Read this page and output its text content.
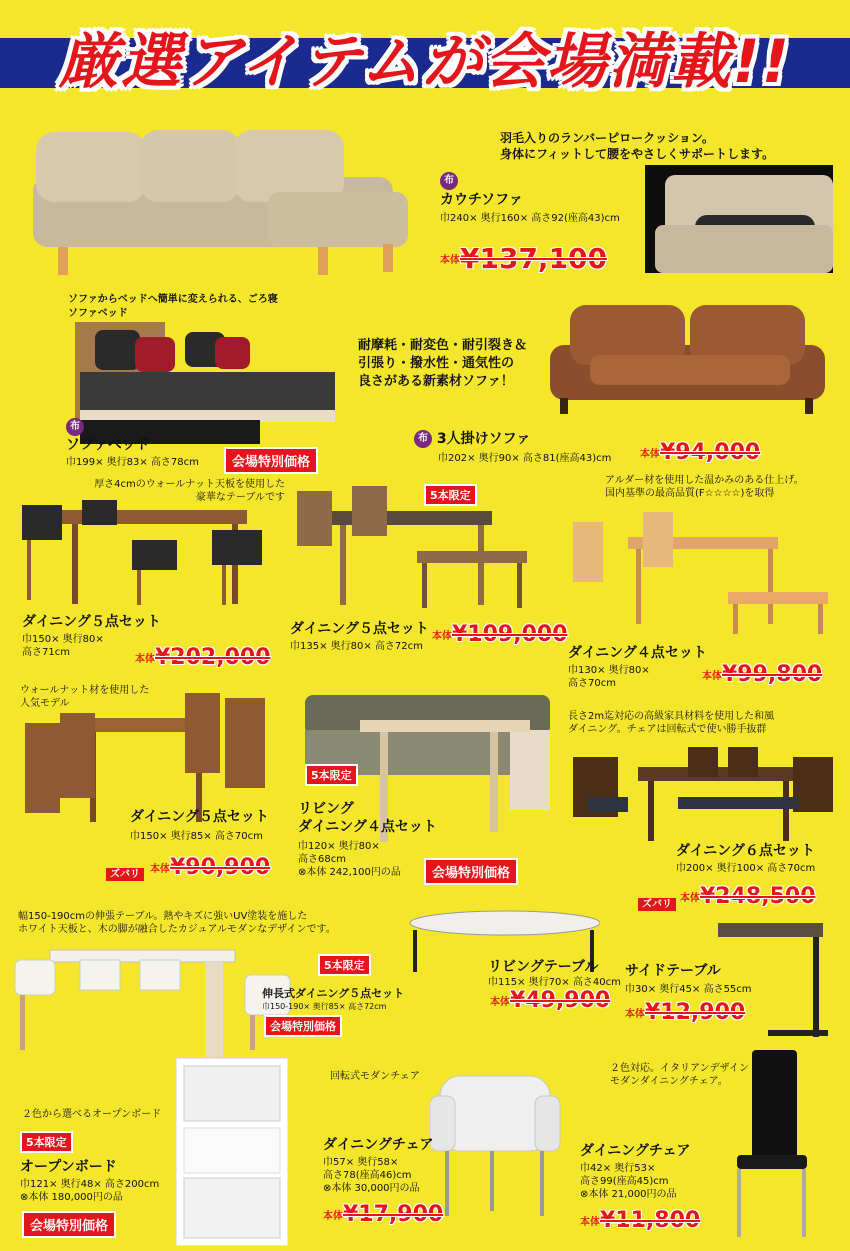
厳選アイテムが会場満載!!
羽毛入りのランバーピロークッション。
身体にフィットして腰をやさしくサポートします。
布
カウチソファ
巾240× 奥行160× 高さ92(座高43)cm
本体¥137,100
ソファからベッドへ簡単に変えられる、ごろ寝
ソファベッド
布
ソファベッド
巾199× 奥行83× 高さ78cm	会場特別価格
耐摩耗・耐変色・耐引裂き＆
引張り・撥水性・通気性の
良さがある新素材ソファ！
布 3人掛けソファ
巾202× 奥行90× 高さ81(座高43)cm	本体¥94,000
厚さ4cmのウォールナット天板を使用した
豪華なテーブルです
ダイニング５点セット
巾150× 奥行80×
高さ71cm
本体¥202,000
5本限定
ダイニング５点セット
巾135× 奥行80× 高さ72cm
本体¥109,000
アルダー材を使用した温かみのある仕上げ。
国内基準の最高品質(F☆☆☆☆)を取得
ダイニング４点セット
巾130× 奥行80×
高さ70cm
本体¥99,800
ウォールナット材を使用した
人気モデル
ダイニング５点セット
巾150× 奥行85× 高さ70cm
ズバリ	本体¥90,900
5本限定
リビング
ダイニング４点セット
巾120× 奥行80×
高さ68cm
⊗本体 242,100円の品	会場特別価格
長さ2m迄対応の高級家具材料を使用した和風
ダイニング。チェアは回転式で使い勝手抜群
ダイニング６点セット
巾200× 奥行100× 高さ70cm
ズバリ
本体¥248,500
幅150-190cmの伸張テーブル。熱やキズに強いUV塗装を施した
ホワイト天板と、木の脚が融合したカジュアルモダンなデザインです。
5本限定
伸長式ダイニング５点セット
巾150-190× 奥行85× 高さ72cm
会場特別価格
リビングテーブル
巾115× 奥行70× 高さ40cm
本体¥49,900
サイドテーブル
巾30× 奥行45× 高さ55cm
本体¥12,900
２色から選べるオープンボード
5本限定
オープンボード
巾121× 奥行48× 高さ200cm
⊗本体 180,000円の品
会場特別価格
回転式モダンチェア
ダイニングチェア
巾57× 奥行58×
高さ78(座高46)cm
⊗本体 30,000円の品
本体¥17,900
２色対応。イタリアンデザイン
モダンダイニングチェア。
ダイニングチェア
巾42× 奥行53×
高さ99(座高45)cm
⊗本体 21,000円の品
本体¥11,800
